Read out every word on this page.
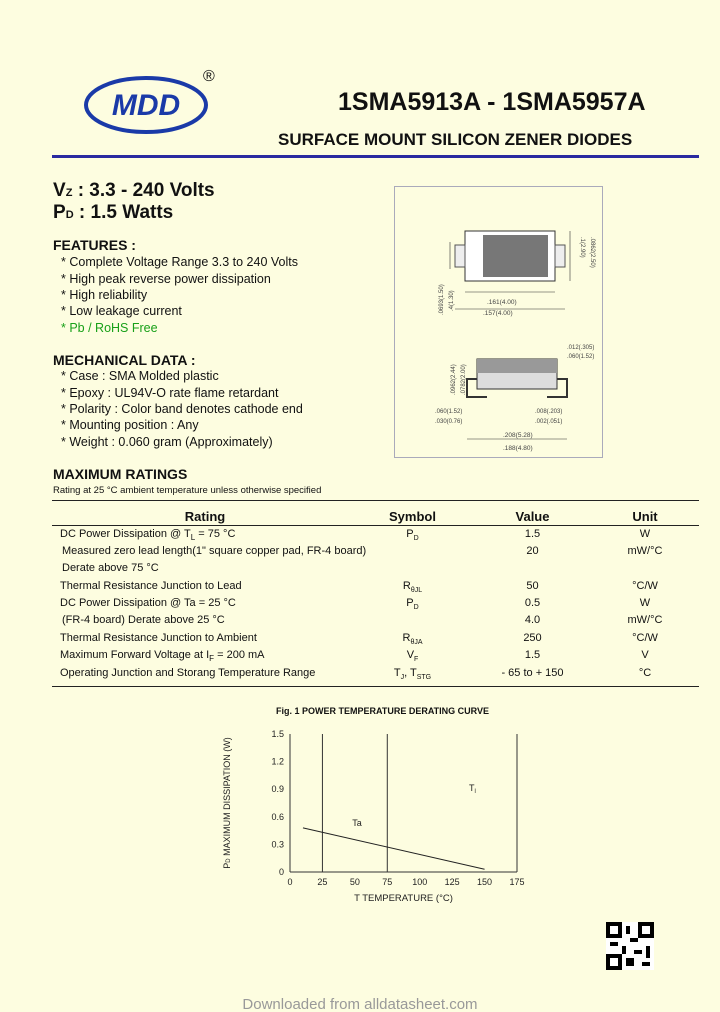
MDD
®
1SMA5913A - 1SMA5957A
SURFACE MOUNT SILICON ZENER DIODES
VZ : 3.3 - 240 Volts
PD : 1.5 Watts
FEATURES :
* Complete Voltage Range 3.3 to 240 Volts
* High peak reverse power dissipation
* High reliability
* Low leakage current
* Pb / RoHS Free
MECHANICAL DATA :
* Case : SMA Molded plastic
* Epoxy : UL94V-O rate flame retardant
* Polarity : Color band denotes cathode end
* Mounting position : Any
* Weight : 0.060 gram (Approximately)
.1(2.90) .0862(2.50)
.0693(1.50) .4(1.30)	.161(4.00)
.157(4.00)
.012(.305)
.060(1.52)
.0962(2.44) .0782(2.00)
.060(1.52)
.030(0.76)
.008(.203)
.002(.051)
.208(5.28)
.188(4.80)
MAXIMUM RATINGS
Rating at 25 °C ambient temperature unless otherwise specified
Rating	Symbol	Value	Unit
DC Power Dissipation @ $T_L = 75$ °C	$P_D$	1.5	W
Measured zero lead length(1" square copper pad, FR-4 board)	20	mW/°C
Derate above 75 °C
Thermal Resistance Junction to Lead	$R_{\theta JL}$	50	°C/W
DC Power Dissipation @ Ta = 25 °C	$P_D$	0.5	W
(FR-4 board) Derate above 25 °C	4.0	mW/°C
Thermal Resistance Junction to Ambient	$R_{\theta JA}$	250	°C/W
Maximum Forward Voltage at $I_F = 200$ mA	$V_F$	1.5	V
Operating Junction and Storang Temperature Range	$T_J$, $T_{STG}$	- 65 to + 150	°C
Fig. 1 POWER TEMPERATURE DERATING CURVE
0	25 50 75 100 125 150 175
0
0.3
0.6
0.9
1.2
1.5
Ta
$T_l$
T TEMPERATURE (°C)
PD MAXIMUM DISSIPATION (W)
Downloaded from alldatasheet.com
